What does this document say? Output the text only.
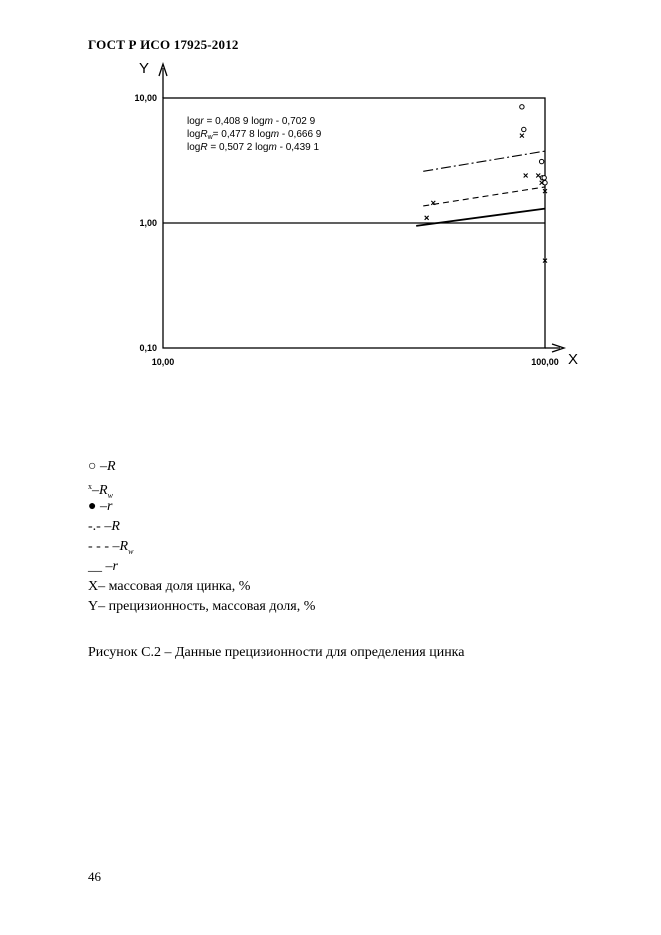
ГОСТ Р ИСО 17925-2012
0,10
1,00
10,00
10,00	100,00
Y
X
logr = 0,408 9 logm - 0,702 9
logR$_w$= 0,477 8 logm - 0,666 9
logR = 0,507 2 logm - 0,439 1
○ –R
$^x-R_w$
● –r
-.- –R
- - - $-R_w$
__ –r
X– массовая доля цинка, %
Y– прецизионность, массовая доля, %
Рисунок С.2 – Данные прецизионности для определения цинка
46
